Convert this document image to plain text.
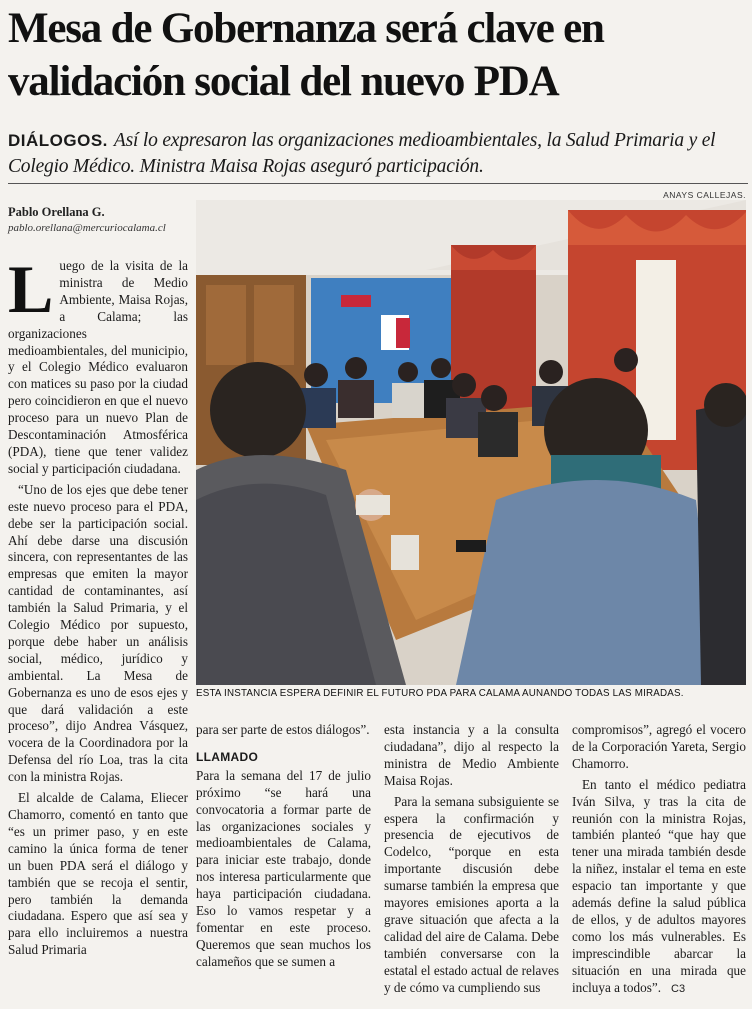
Mesa de Gobernanza será clave en
validación social del nuevo PDA
DIÁLOGOS. Así lo expresaron las organizaciones medioambientales, la Salud Primaria y el Colegio Médico. Ministra Maisa Rojas aseguró participación.
ANAYS CALLEJAS.
Pablo Orellana G.
pablo.orellana@mercuriocalama.cl
ESTA INSTANCIA ESPERA DEFINIR EL FUTURO PDA PARA CALAMA AUNANDO TODAS LAS MIRADAS.

Luego de la visita de la ministra de Medio Ambiente, Maisa Rojas, a Calama; las organizaciones medioambientales, del municipio, y el Colegio Médico evaluaron con matices su paso por la ciudad pero coincidieron en que el nuevo proceso para un nuevo Plan de Descontaminación Atmosférica (PDA), tiene que tener validez social y participación ciudadana.

“Uno de los ejes que debe tener este nuevo proceso para el PDA, debe ser la participación social. Ahí debe darse una discusión sincera, con representantes de las empresas que emiten la mayor cantidad de contaminantes, así también la Salud Primaria, y el Colegio Médico por supuesto, porque debe haber un análisis social, médico, jurídico y ambiental. La Mesa de Gobernanza es uno de esos ejes y que dará validación a este proceso”, dijo Andrea Vásquez, vocera de la Coordinadora por la Defensa del río Loa, tras la cita con la ministra Rojas.

El alcalde de Calama, Eliecer Chamorro, comentó en tanto que “es un primer paso, y en este camino la única forma de tener un buen PDA será el diálogo y también que se recoja el sentir, pero también la demanda ciudadana. Espero que así sea y para ello incluiremos a nuestra Salud Primaria

para ser parte de estos diálogos”.

LLAMADO

Para la semana del 17 de julio próximo “se hará una convocatoria a formar parte de las organizaciones sociales y medioambientales de Calama, para iniciar este trabajo, donde nos interesa particularmente que haya participación ciudadana. Eso lo vamos respetar y a fomentar en este proceso. Queremos que sean muchos los calameños que se sumen a

esta instancia y a la consulta ciudadana”, dijo al respecto la ministra de Medio Ambiente Maisa Rojas.

Para la semana subsiguiente se espera la confirmación y presencia de ejecutivos de Codelco, “porque en esta importante discusión debe sumarse también la empresa que mayores emisiones aporta a la grave situación que afecta a la calidad del aire de Calama. Debe también conversarse con la estatal el estado actual de relaves y de cómo va cumpliendo sus

compromisos”, agregó el vocero de la Corporación Yareta, Sergio Chamorro.

En tanto el médico pediatra Iván Silva, y tras la cita de reunión con la ministra Rojas, también planteó “que hay que tener una mirada también desde la niñez, instalar el tema en este espacio tan importante y que además define la salud pública de ellos, y de adultos mayores como los más vulnerables. Es imprescindible abarcar la situación en una mirada que incluya a todos”. C3
